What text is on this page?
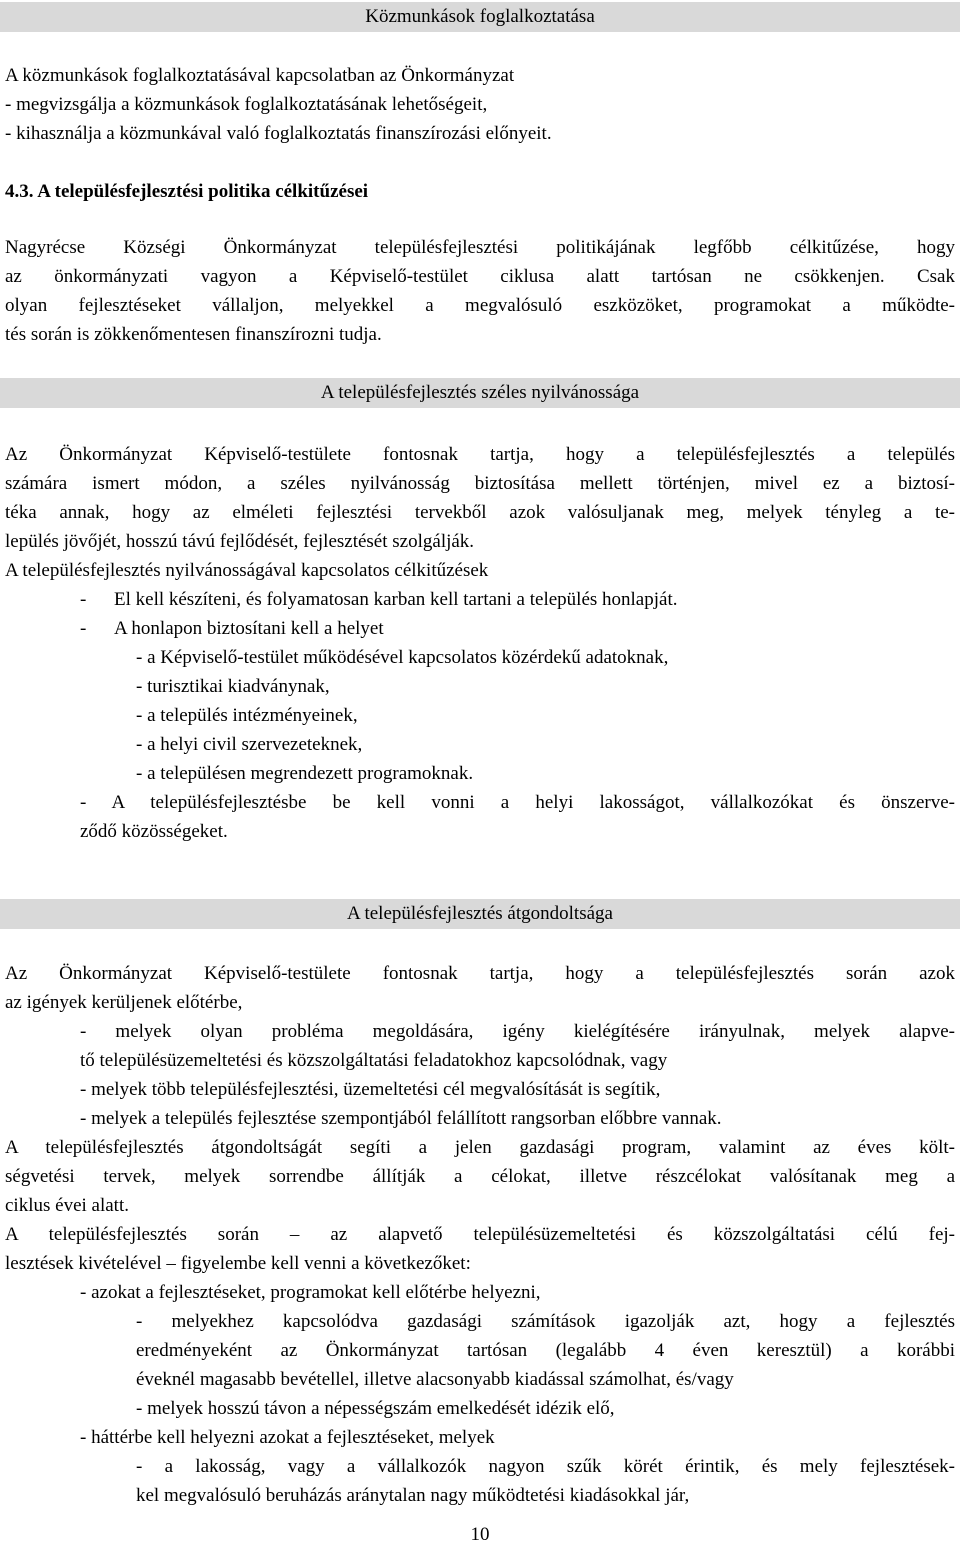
Közmunkások foglalkoztatása
A közmunkások foglalkoztatásával kapcsolatban az Önkormányzat
- megvizsgálja a közmunkások foglalkoztatásának lehetőségeit,
- kihasználja a közmunkával való foglalkoztatás finanszírozási előnyeit.
4.3. A településfejlesztési politika célkitűzései
Nagyrécse Községi Önkormányzat településfejlesztési politikájának legfőbb célkitűzése, hogy
az önkormányzati vagyon a Képviselő-testület ciklusa alatt tartósan ne csökkenjen. Csak
olyan fejlesztéseket vállaljon, melyekkel a megvalósuló eszközöket, programokat a működte-
tés során is zökkenőmentesen finanszírozni tudja.
A településfejlesztés széles nyilvánossága
Az Önkormányzat Képviselő-testülete fontosnak tartja, hogy a településfejlesztés a település
számára ismert módon, a széles nyilvánosság biztosítása mellett történjen, mivel ez a biztosí-
téka annak, hogy az elméleti fejlesztési tervekből azok valósuljanak meg, melyek tényleg a te-
lepülés jövőjét, hosszú távú fejlődését, fejlesztését szolgálják.
A településfejlesztés nyilvánosságával kapcsolatos célkitűzések
- El kell készíteni, és folyamatosan karban kell tartani a település honlapját.
- A honlapon biztosítani kell a helyet
- a Képviselő-testület működésével kapcsolatos közérdekű adatoknak,
- turisztikai kiadványnak,
- a település intézményeinek,
- a helyi civil szervezeteknek,
- a településen megrendezett programoknak.
- A településfejlesztésbe be kell vonni a helyi lakosságot, vállalkozókat és önszerve-
ződő közösségeket.
A településfejlesztés átgondoltsága
Az Önkormányzat Képviselő-testülete fontosnak tartja, hogy a településfejlesztés során azok
az igények kerüljenek előtérbe,
- melyek olyan probléma megoldására, igény kielégítésére irányulnak, melyek alapve-
tő településüzemeltetési és közszolgáltatási feladatokhoz kapcsolódnak, vagy
- melyek több településfejlesztési, üzemeltetési cél megvalósítását is segítik,
- melyek a település fejlesztése szempontjából felállított rangsorban előbbre vannak.
A településfejlesztés átgondoltságát segíti a jelen gazdasági program, valamint az éves költ-
ségvetési tervek, melyek sorrendbe állítják a célokat, illetve részcélokat valósítanak meg a
ciklus évei alatt.
A településfejlesztés során – az alapvető településüzemeltetési és közszolgáltatási célú fej-
lesztések kivételével – figyelembe kell venni a következőket:
- azokat a fejlesztéseket, programokat kell előtérbe helyezni,
- melyekhez kapcsolódva gazdasági számítások igazolják azt, hogy a fejlesztés
eredményeként az Önkormányzat tartósan (legalább 4 éven keresztül) a korábbi
éveknél magasabb bevétellel, illetve alacsonyabb kiadással számolhat, és/vagy
- melyek hosszú távon a népességszám emelkedését idézik elő,
- háttérbe kell helyezni azokat a fejlesztéseket, melyek
- a lakosság, vagy a vállalkozók nagyon szűk körét érintik, és mely fejlesztések-
kel megvalósuló beruházás aránytalan nagy működtetési kiadásokkal jár,
10
